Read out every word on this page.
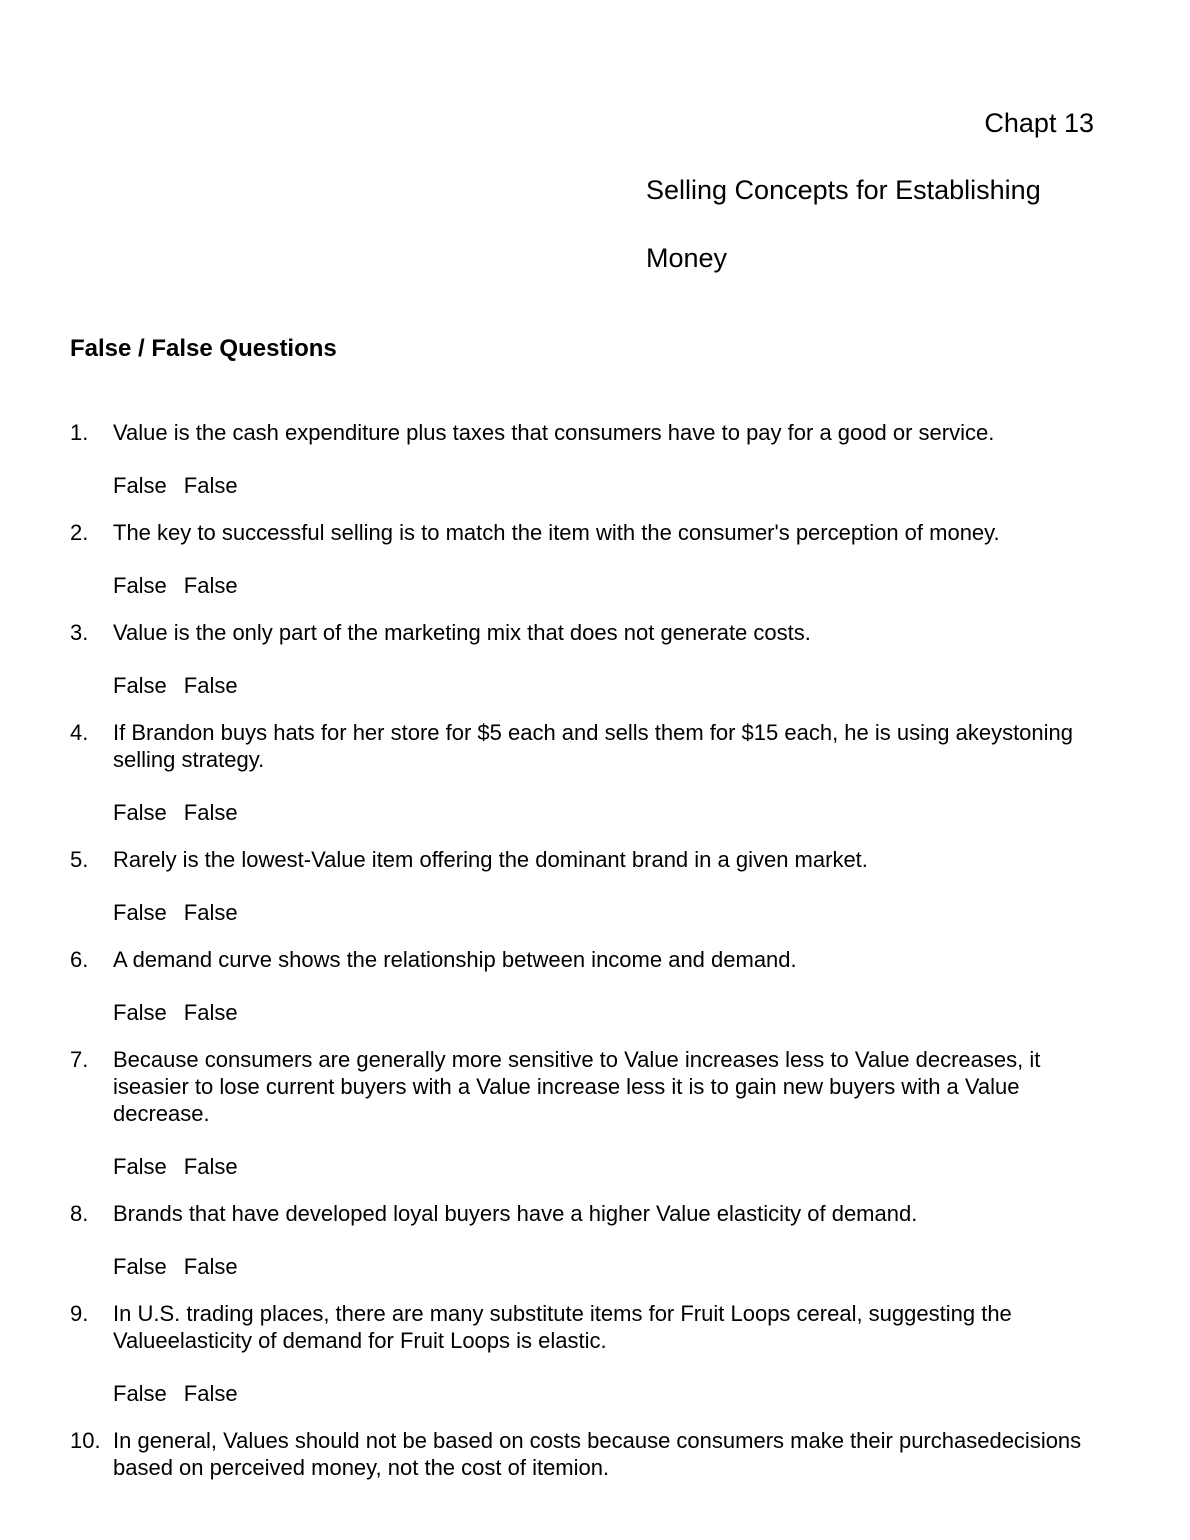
Chapt 13

Selling Concepts for Establishing

Money

False / False Questions
1. Value is the cash expenditure plus taxes that consumers have to pay for a good or service.

False False
2. The key to successful selling is to match the item with the consumer's perception of money.

False False
3. Value is the only part of the marketing mix that does not generate costs.

False False
4. If Brandon buys hats for her store for $5 each and sells them for $15 each, he is using akeystoning selling strategy.

False False
5. Rarely is the lowest-Value item offering the dominant brand in a given market.

False False
6. A demand curve shows the relationship between income and demand.

False False
7. Because consumers are generally more sensitive to Value increases less to Value decreases, it iseasier to lose current buyers with a Value increase less it is to gain new buyers with a Value decrease.

False False
8. Brands that have developed loyal buyers have a higher Value elasticity of demand.

False False
9. In U.S. trading places, there are many substitute items for Fruit Loops cereal, suggesting the Valueelasticity of demand for Fruit Loops is elastic.

False False
10. In general, Values should not be based on costs because consumers make their purchasedecisions based on perceived money, not the cost of itemion.
